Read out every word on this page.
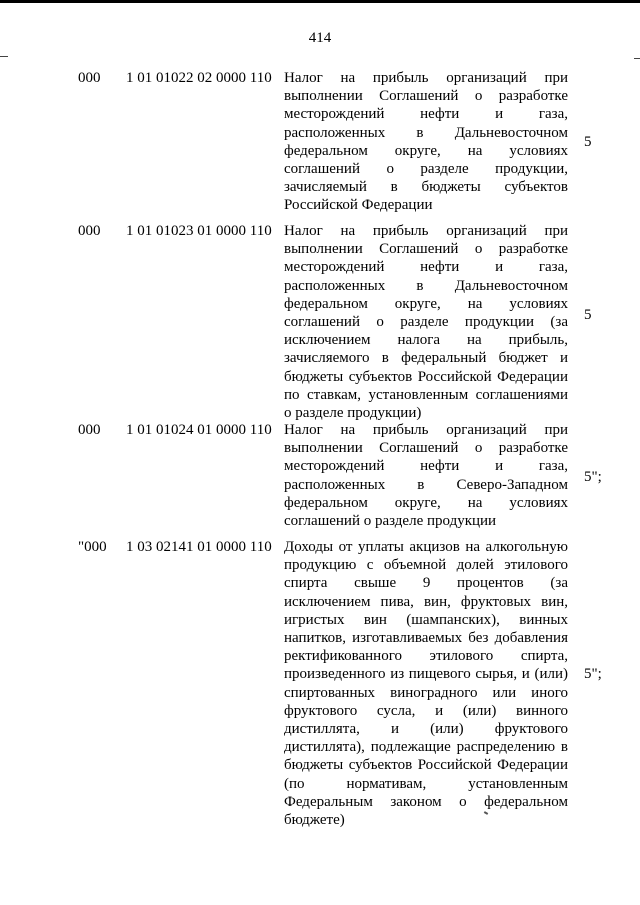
414
000 1 01 01022 02 0000 110 Налог на прибыль организаций при
выполнении Соглашений о разработке
месторождений нефти и газа,
расположенных в Дальневосточном
федеральном округе, на условиях
соглашений о разделе продукции,
зачисляемый в бюджеты субъектов
Российской Федерации
5
000 1 01 01023 01 0000 110 Налог на прибыль организаций при
выполнении Соглашений о разработке
месторождений нефти и газа,
расположенных в Дальневосточном
федеральном округе, на условиях
соглашений о разделе продукции (за
исключением налога на прибыль,
зачисляемого в федеральный бюджет и
бюджеты субъектов Российской Федерации
по ставкам, установленным соглашениями
о разделе продукции)
5
000 1 01 01024 01 0000 110 Налог на прибыль организаций при
выполнении Соглашений о разработке
месторождений нефти и газа,
расположенных в Северо-Западном
федеральном округе, на условиях
соглашений о разделе продукции
5";
"000 1 03 02141 01 0000 110 Доходы от уплаты акцизов на алкогольную
продукцию с объемной долей этилового
спирта свыше 9 процентов (за
исключением пива, вин, фруктовых вин,
игристых вин (шампанских), винных
напитков, изготавливаемых без добавления
ректификованного этилового спирта,
произведенного из пищевого сырья, и (или)
спиртованных виноградного или иного
фруктового сусла, и (или) винного
дистиллята, и (или) фруктового
дистиллята), подлежащие распределению в
бюджеты субъектов Российской Федерации
(по нормативам, установленным
Федеральным законом о федеральном
бюджете)
5";
